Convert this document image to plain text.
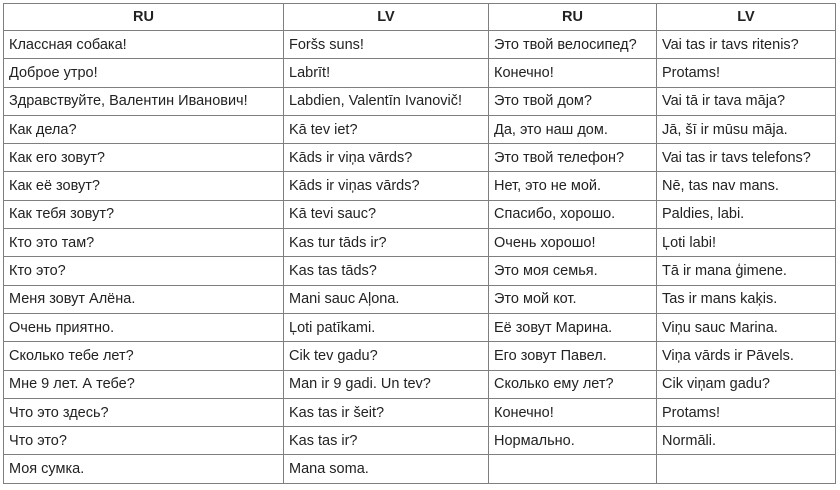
RU	LV	RU	LV
Классная собака!	Foršs suns!	Это твой велосипед?	Vai tas ir tavs ritenis?
Доброе утро!	Labrīt!	Конечно!	Protams!
Здравствуйте, Валентин Иванович!	Labdien, Valentīn Ivanovič!	Это твой дом?	Vai tā ir tava māja?
Как дела?	Kā tev iet?	Да, это наш дом.	Jā, šī ir mūsu māja.
Как его зовут?	Kāds ir viņa vārds?	Это твой телефон?	Vai tas ir tavs telefons?
Как её зовут?	Kāds ir viņas vārds?	Нет, это не мой.	Nē, tas nav mans.
Как тебя зовут?	Kā tevi sauc?	Спасибо, хорошо.	Paldies, labi.
Кто это там?	Kas tur tāds ir?	Очень хорошо!	Ļoti labi!
Кто это?	Kas tas tāds?	Это моя семья.	Tā ir mana ģimene.
Меня зовут Алёна.	Mani sauc Aļona.	Это мой кот.	Tas ir mans kaķis.
Очень приятно.	Ļoti patīkami.	Её зовут Марина.	Viņu sauc Marina.
Сколько тебе лет?	Cik tev gadu?	Его зовут Павел.	Viņa vārds ir Pāvels.
Мне 9 лет. А тебе?	Man ir 9 gadi. Un tev?	Сколько ему лет?	Cik viņam gadu?
Что это здесь?	Kas tas ir šeit?	Конечно!	Protams!
Что это?	Kas tas ir?	Нормально.	Normāli.
Моя сумка.	Mana soma.		
